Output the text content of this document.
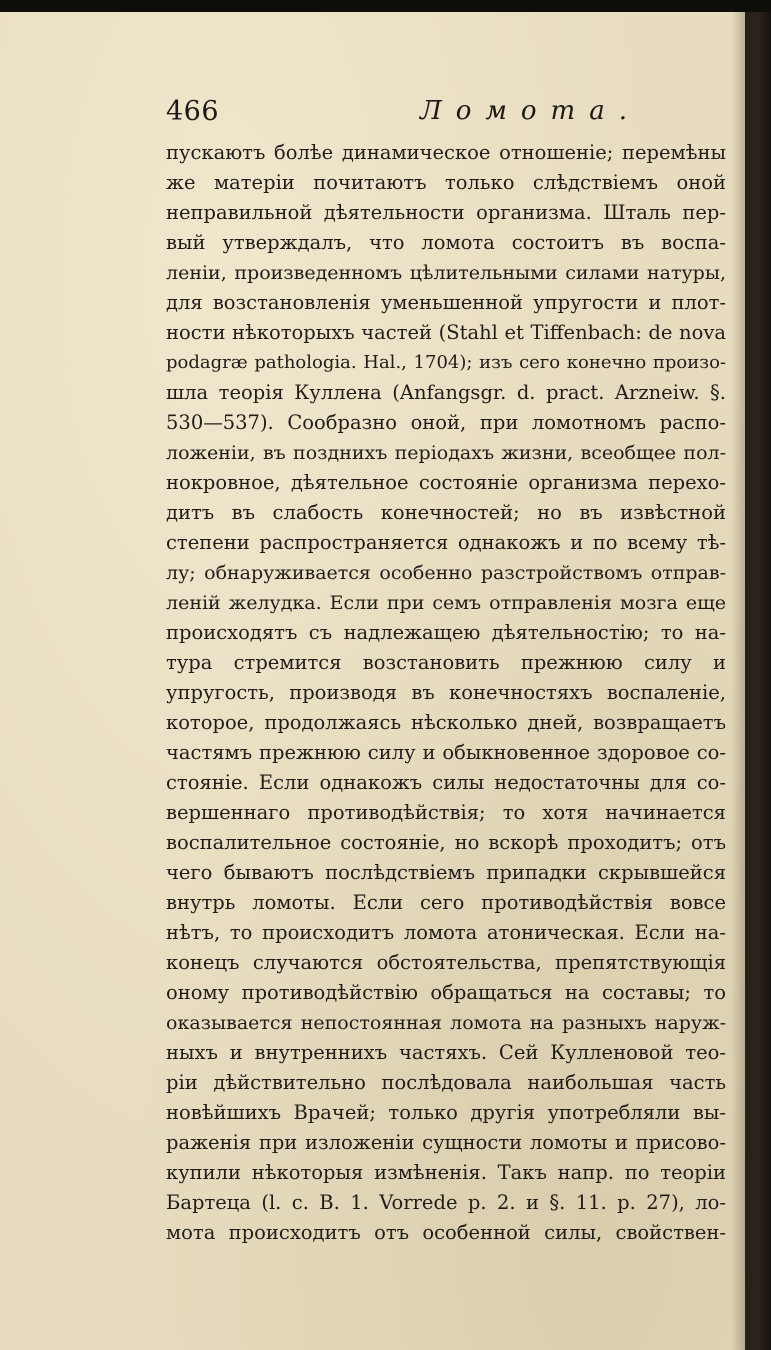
466	Ломота.
пускаютъ болѣе динамическое отношеніе; перемѣны
же матеріи почитаютъ только слѣдствіемъ оной
неправильной дѣятельности организма. Шталь пер-
вый утверждалъ, что ломота состоитъ въ воспа-
леніи, произведенномъ цѣлительными силами натуры,
для возстановленія уменьшенной упругости и плот-
ности нѣкоторыхъ частей (Stahl et Tiffenbach: de nova
podagræ pathologia. Hal., 1704); изъ сего конечно произо-
шла теорія Куллена (Anfangsgr. d. pract. Arzneiw. §.
530—537). Сообразно оной, при ломотномъ распо-
ложеніи, въ позднихъ періодахъ жизни, всеобщее пол-
нокровное, дѣятельное состояніе организма перехо-
дитъ въ слабость конечностей; но въ извѣстной
степени распространяется однакожъ и по всему тѣ-
лу; обнаруживается особенно разстройствомъ отправ-
леній желудка. Если при семъ отправленія мозга еще
происходятъ съ надлежащею дѣятельностію; то на-
тура стремится возстановить прежнюю силу и
упругость, производя въ конечностяхъ воспаленіе,
которое, продолжаясь нѣсколько дней, возвращаетъ
частямъ прежнюю силу и обыкновенное здоровое со-
стояніе. Если однакожъ силы недостаточны для со-
вершеннаго противодѣйствія; то хотя начинается
воспалительное состояніе, но вскорѣ проходитъ; отъ
чего бываютъ послѣдствіемъ припадки скрывшейся
внутрь ломоты. Если сего противодѣйствія вовсе
нѣтъ, то происходитъ ломота атоническая. Если на-
конецъ случаются обстоятельства, препятствующія
оному противодѣйствію обращаться на составы; то
оказывается непостоянная ломота на разныхъ наруж-
ныхъ и внутреннихъ частяхъ. Сей Кулленовой тео-
ріи дѣйствительно послѣдовала наибольшая часть
новѣйшихъ Врачей; только другія употребляли вы-
раженія при изложеніи сущности ломоты и присово-
купили нѣкоторыя измѣненія. Такъ напр. по теоріи
Бартеца (l. c. B. 1. Vorrede p. 2. и §. 11. p. 27), ло-
мота происходитъ отъ особенной силы, свойствен-
